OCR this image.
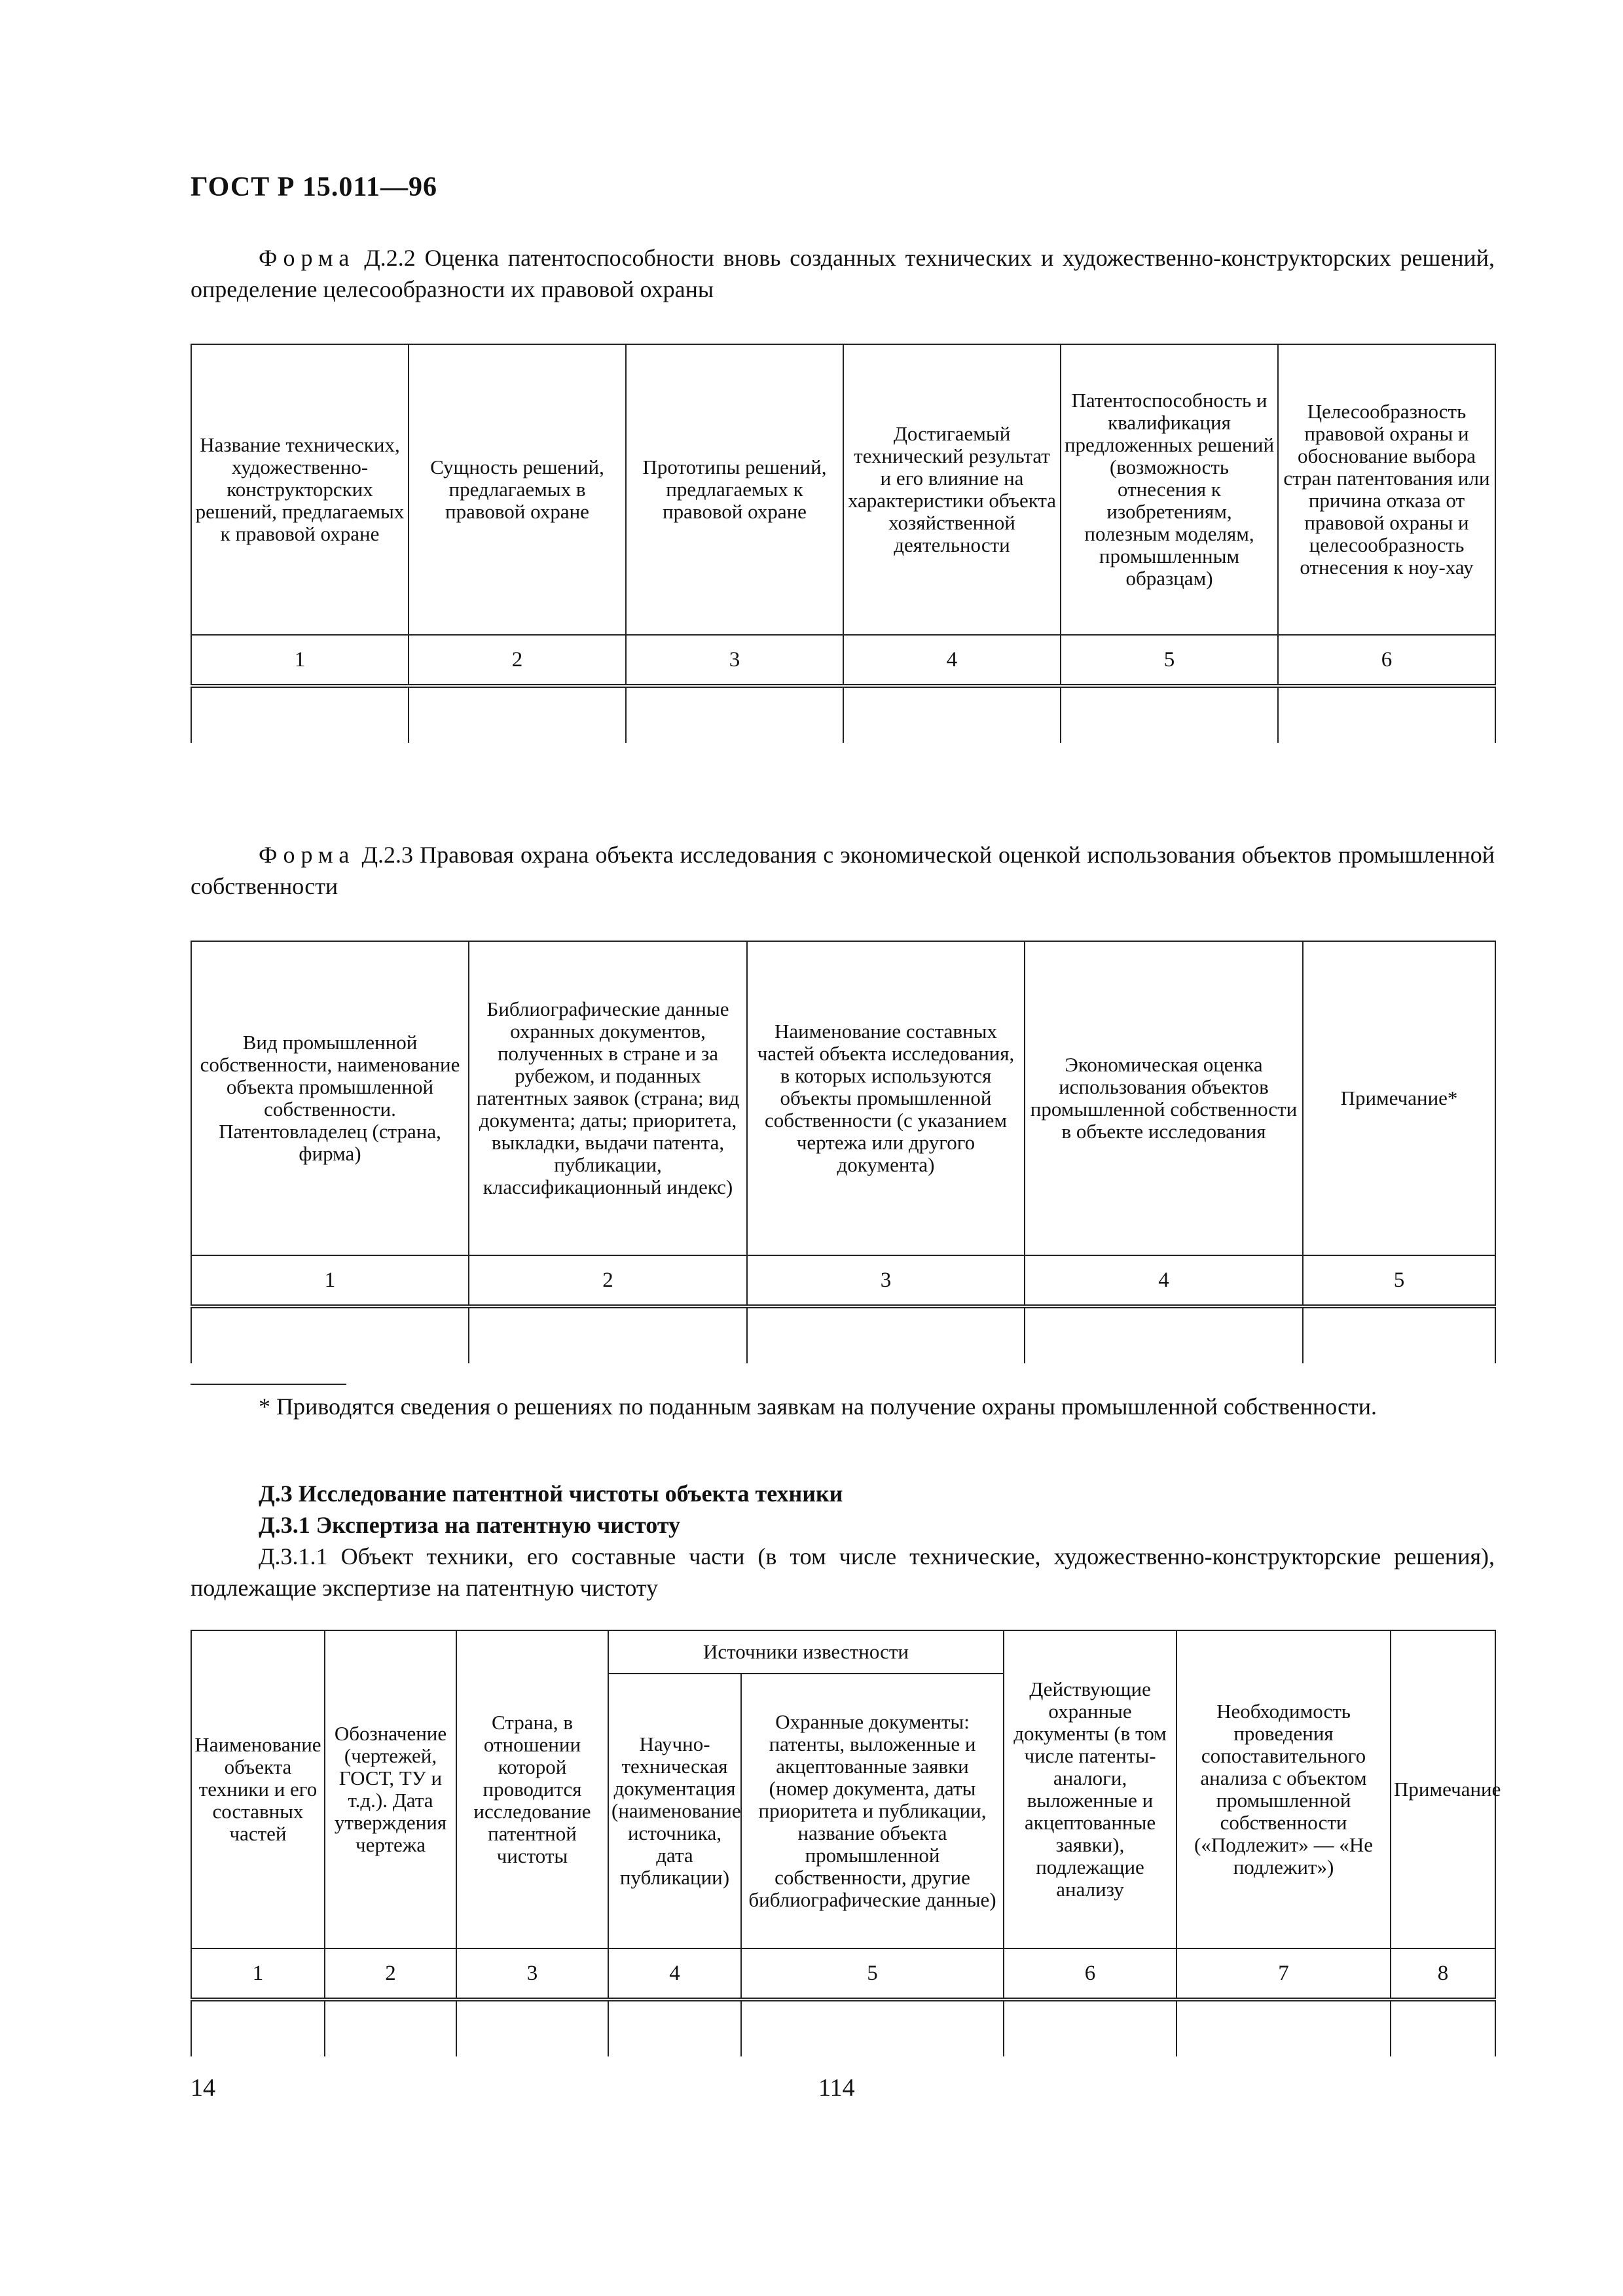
ГОСТ Р 15.011—96
Форма Д.2.2 Оценка патентоспособности вновь созданных технических и художественно-конструкторских решений, определение целесообразности их правовой охраны
Название технических, художественно-конструкторских решений, предлагаемых к правовой охране	Сущность решений, предлагаемых в правовой охране	Прототипы решений, предлагаемых к правовой охране	Достигаемый технический результат и его влияние на характеристики объекта хозяйственной деятельности	Патентоспособность и квалификация предложенных решений (возможность отнесения к изобретениям, полезным моделям, промышленным образцам)	Целесообразность правовой охраны и обоснование выбора стран патентования или причина отказа от правовой охраны и целесообразность отнесения к ноу-хау
1	2	3	4	5	6

Форма Д.2.3 Правовая охрана объекта исследования с экономической оценкой использования объектов промышленной собственности
Вид промышленной собственности, наименование объекта промышленной собственности. Патентовладелец (страна, фирма)	Библиографические данные охранных документов, полученных в стране и за рубежом, и поданных патентных заявок (страна; вид документа; даты; приоритета, выкладки, выдачи патента, публикации, классификационный индекс)	Наименование составных частей объекта исследования, в которых используются объекты промышленной собственности (с указанием чертежа или другого документа)	Экономическая оценка использования объектов промышленной собственности в объекте исследования	Примечание*
1	2	3	4	5

* Приводятся сведения о решениях по поданным заявкам на получение охраны промышленной собственности.
Д.3 Исследование патентной чистоты объекта техники
Д.3.1 Экспертиза на патентную чистоту
Д.3.1.1 Объект техники, его составные части (в том числе технические, художественно-конструкторские решения), подлежащие экспертизе на патентную чистоту
Наименование объекта техники и его составных частей	Обозначение (чертежей, ГОСТ, ТУ и т.д.). Дата утверждения чертежа	Страна, в отношении которой проводится исследование патентной чистоты	Источники известности		Действующие охранные документы (в том числе патенты-аналоги, выложенные и акцептованные заявки), подлежащие анализу	Необходимость проведения сопоставительного анализа с объектом промышленной собственности («Подлежит» — «Не подлежит»)	Примечание
			Научно-техническая документация (наименование источника, дата публикации)	Охранные документы: патенты, выложенные и акцептованные заявки (номер документа, даты приоритета и публикации, название объекта промышленной собственности, другие библиографические данные)			
1	2	3	4	5	6	7	8

14	114
